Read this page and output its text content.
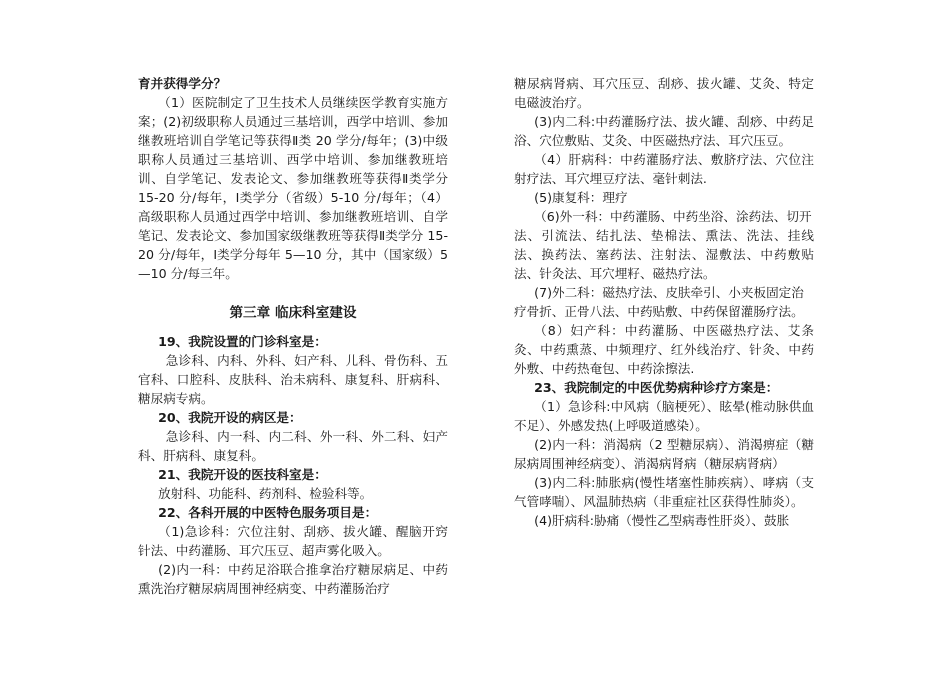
育并获得学分？

（1）医院制定了卫生技术人员继续医学教育实施方案；(2)初级职称人员通过三基培训，西学中培训、参加继教班培训自学笔记等获得Ⅱ类 20 学分/每年；(3)中级职称人员通过三基培训、西学中培训、参加继教班培训、自学笔记、发表论文、参加继教班等获得Ⅱ类学分 15-20 分/每年，Ⅰ类学分（省级）5-10 分/每年；（4）高级职称人员通过西学中培训、参加继教班培训、自学笔记、发表论文、参加国家级继教班等获得Ⅱ类学分 15-20 分/每年，Ⅰ类学分每年 5—10 分，其中（国家级）5—10 分/每三年。

第三章 临床科室建设

19、我院设置的门诊科室是：

急诊科、内科、外科、妇产科、儿科、骨伤科、五官科、口腔科、皮肤科、治未病科、康复科、肝病科、糖尿病专病。

20、我院开设的病区是：

急诊科、内一科、内二科、外一科、外二科、妇产科、肝病科、康复科。

21、我院开设的医技科室是：

放射科、功能科、药剂科、检验科等。

22、各科开展的中医特色服务项目是：

（1)急诊科：穴位注射、刮痧、拔火罐、醒脑开窍针法、中药灌肠、耳穴压豆、超声雾化吸入。

(2)内一科：中药足浴联合推拿治疗糖尿病足、中药熏洗治疗糖尿病周围神经病变、中药灌肠治疗

糖尿病肾病、耳穴压豆、刮痧、拔火罐、艾灸、特定电磁波治疗。

(3)内二科:中药灌肠疗法、拔火罐、刮痧、中药足浴、穴位敷贴、艾灸、中医磁热疗法、耳穴压豆。

（4）肝病科：中药灌肠疗法、敷脐疗法、穴位注射疗法、耳穴埋豆疗法、毫针刺法.

(5)康复科：理疗

（6)外一科：中药灌肠、中药坐浴、涂药法、切开

法、引流法、结扎法、垫棉法、熏法、洗法、挂线法、换药法、塞药法、注射法、湿敷法、中药敷贴法、针灸法、耳穴埋籽、磁热疗法。

(7)外二科：磁热疗法、皮肤牵引、小夹板固定治

疗骨折、正骨八法、中药贴敷、中药保留灌肠疗法。

（8）妇产科：中药灌肠、中医磁热疗法、艾条灸、中药熏蒸、中频理疗、红外线治疗、针灸、中药外敷、中药热奄包、中药涂擦法.

23、我院制定的中医优势病种诊疗方案是：

（1）急诊科:中风病（脑梗死）、眩晕(椎动脉供血不足）、外感发热(上呼吸道感染）。

(2)内一科：消渴病（2 型糖尿病）、消渴痹症（糖尿病周围神经病变）、消渴病肾病（糖尿病肾病）

(3)内二科:肺胀病(慢性堵塞性肺疾病）、哮病（支气管哮喘）、风温肺热病（非重症社区获得性肺炎）。

(4)肝病科:胁痛（慢性乙型病毒性肝炎）、鼓胀
